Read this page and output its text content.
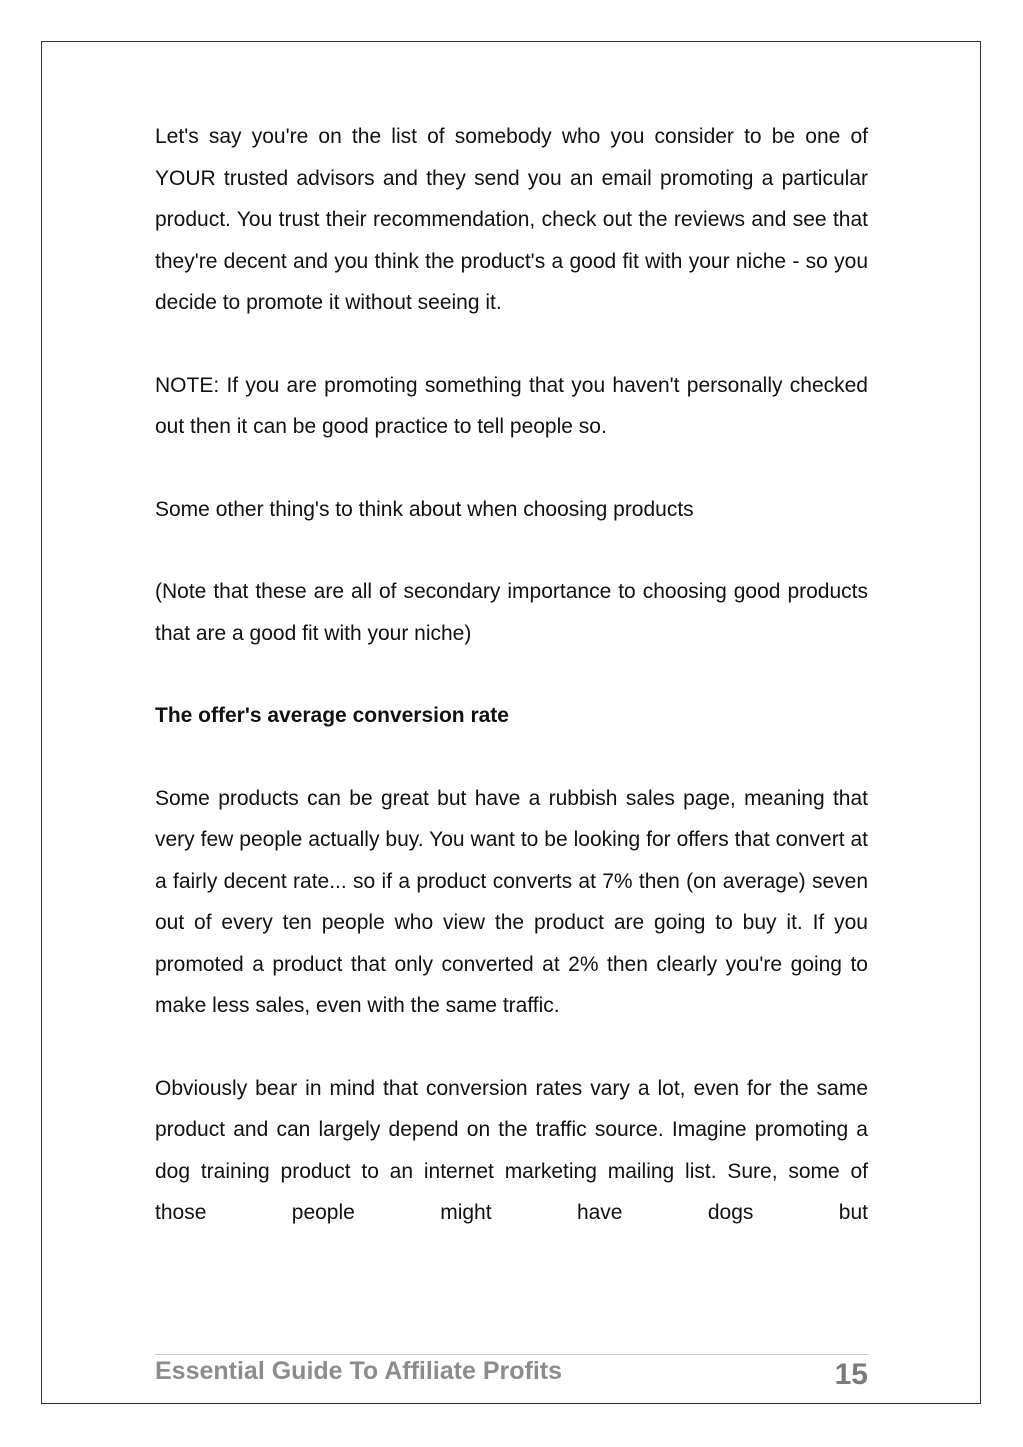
Let's say you're on the list of somebody who you consider to be one of YOUR trusted advisors and they send you an email promoting a particular product. You trust their recommendation, check out the reviews and see that they're decent and you think the product's a good fit with your niche - so you decide to promote it without seeing it.

NOTE: If you are promoting something that you haven't personally checked out then it can be good practice to tell people so.

Some other thing's to think about when choosing products

(Note that these are all of secondary importance to choosing good products that are a good fit with your niche)

The offer's average conversion rate

Some products can be great but have a rubbish sales page, meaning that very few people actually buy. You want to be looking for offers that convert at a fairly decent rate... so if a product converts at 7% then (on average) seven out of every ten people who view the product are going to buy it. If you promoted a product that only converted at 2% then clearly you're going to make less sales, even with the same traffic.

Obviously bear in mind that conversion rates vary a lot, even for the same product and can largely depend on the traffic source. Imagine promoting a dog training product to an internet marketing mailing list. Sure, some of those people might have dogs but

Essential Guide To Affiliate Profits	15
